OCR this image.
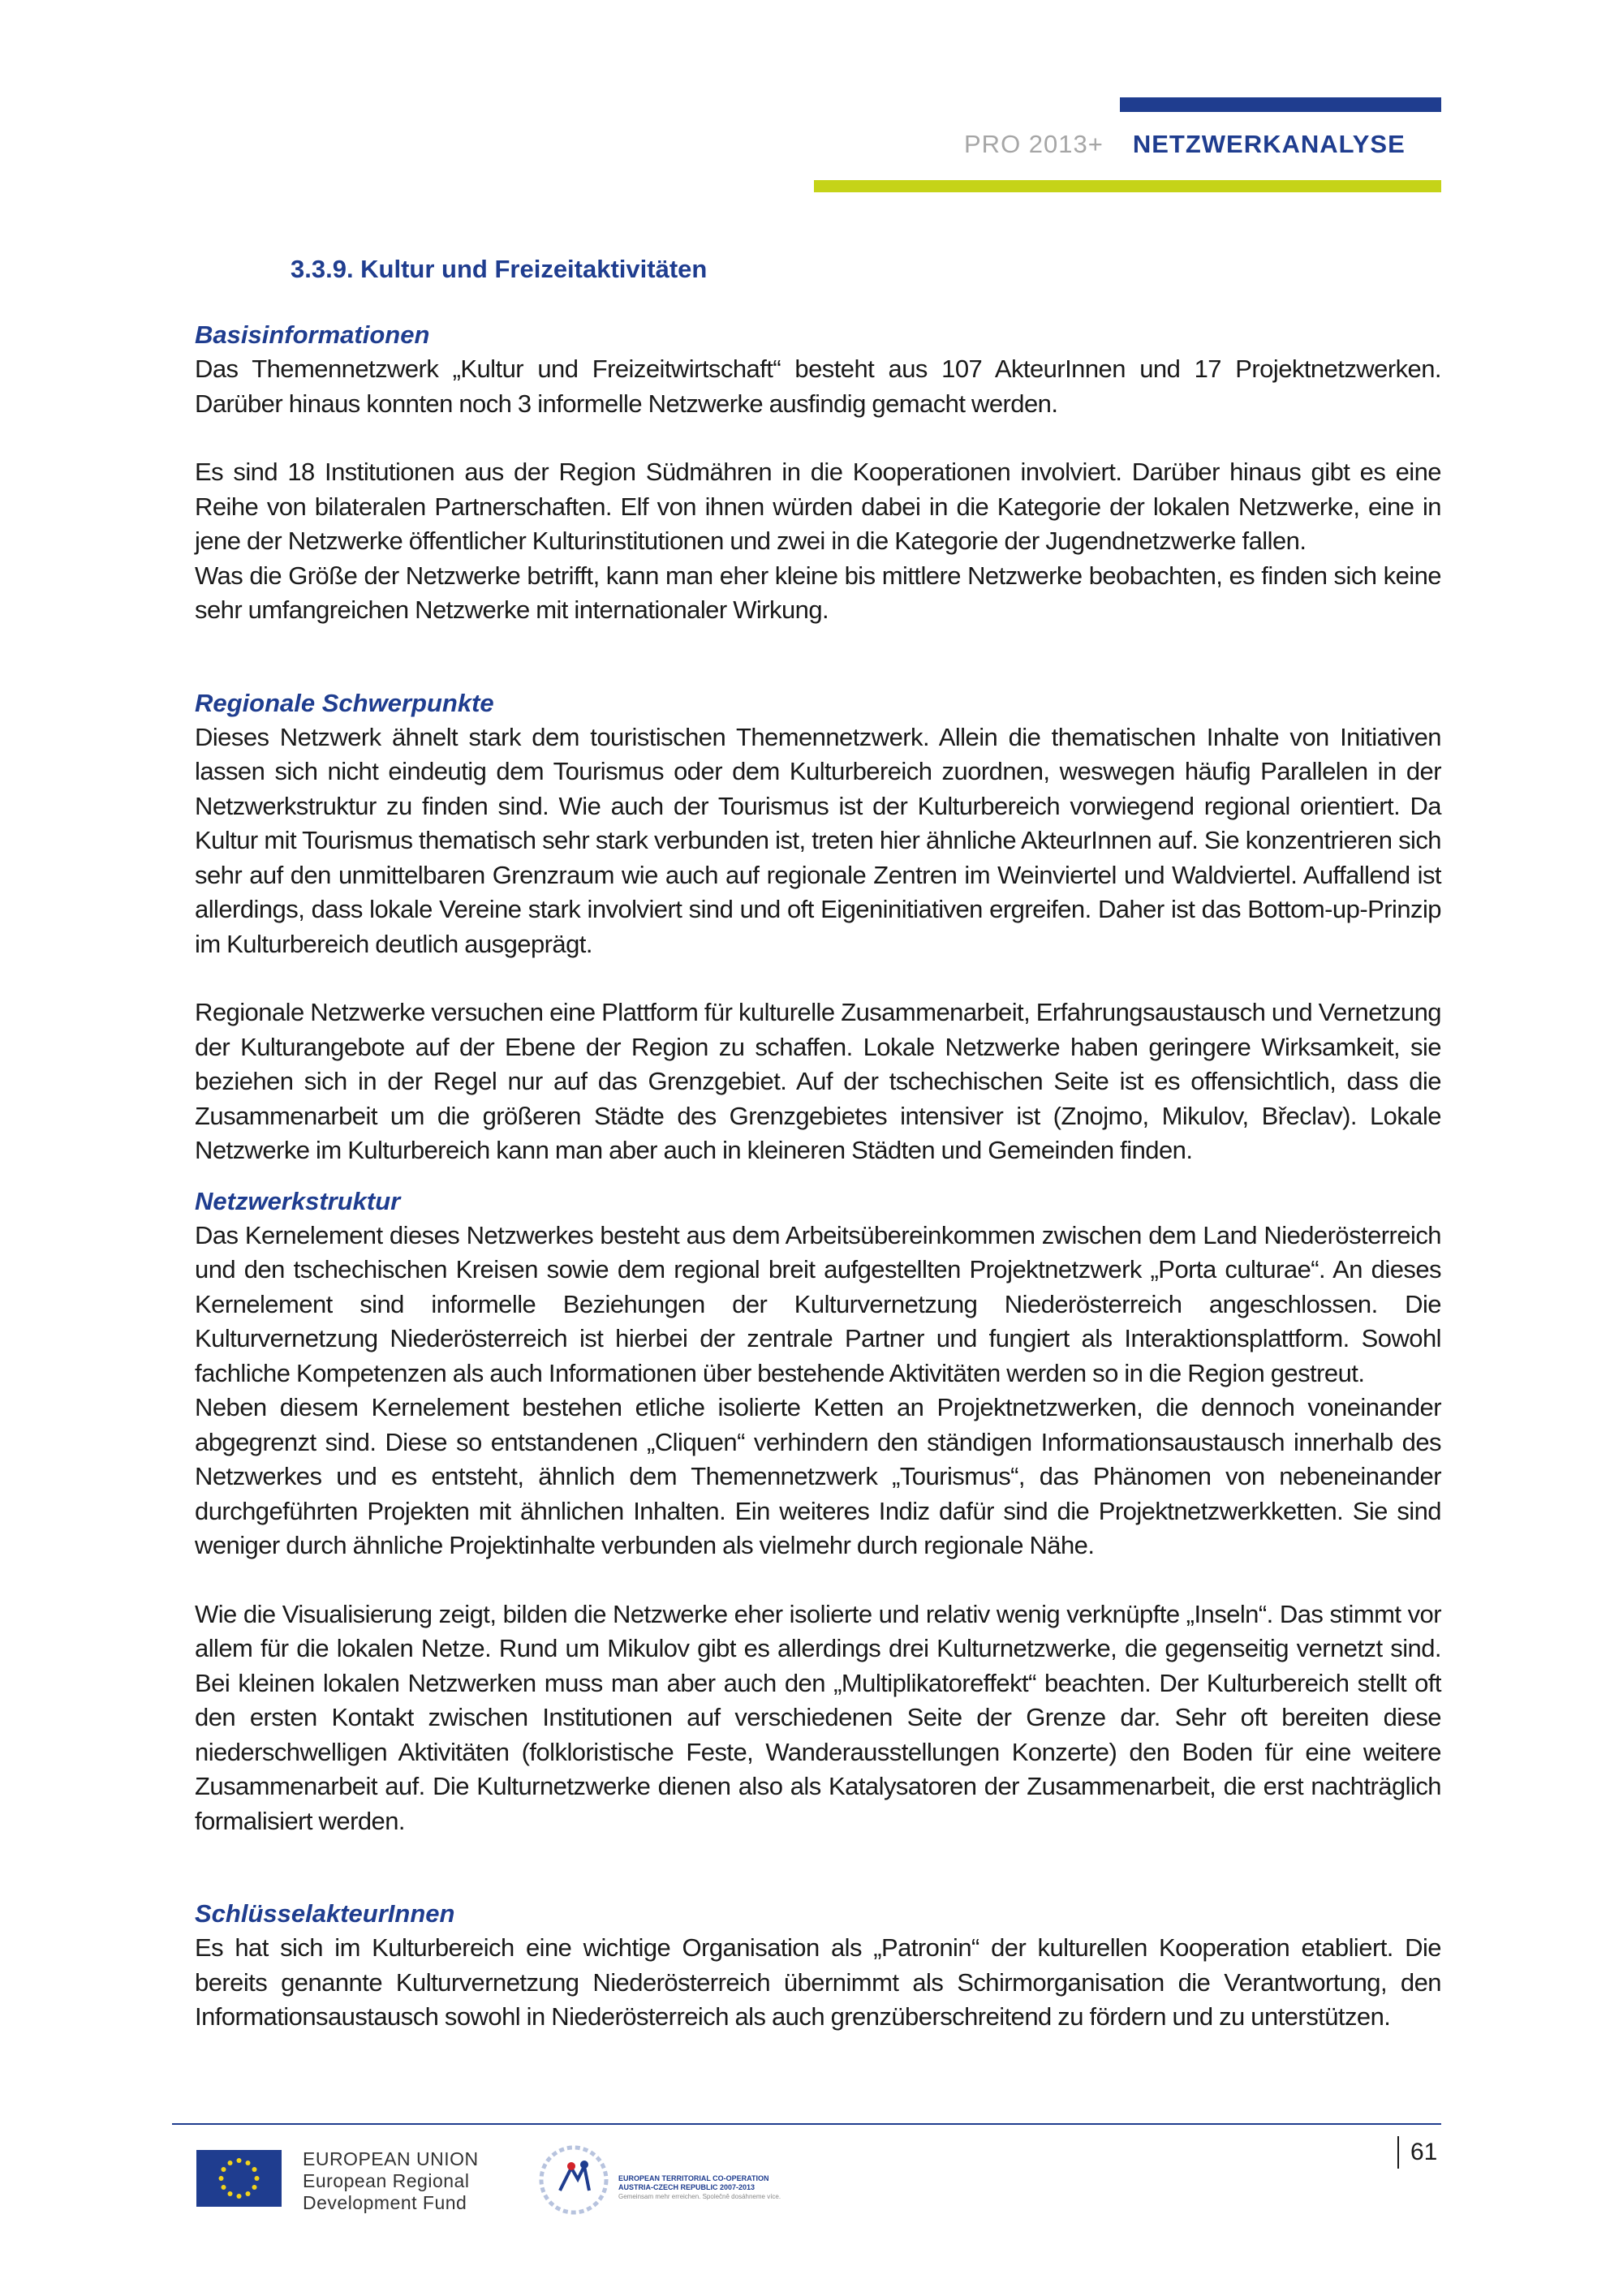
PRO 2013+ NETZWERKANALYSE
3.3.9. Kultur und Freizeitaktivitäten

Basisinformationen

Das Themennetzwerk „Kultur und Freizeitwirtschaft“ besteht aus 107 AkteurInnen und 17 Projektnetzwerken. Darüber hinaus konnten noch 3 informelle Netzwerke ausfindig gemacht werden.

Es sind 18 Institutionen aus der Region Südmähren in die Kooperationen involviert. Darüber hinaus gibt es eine Reihe von bilateralen Partnerschaften. Elf von ihnen würden dabei in die Kategorie der lokalen Netzwerke, eine in jene der Netzwerke öffentlicher Kulturinstitutionen und zwei in die Kategorie der Jugendnetzwerke fallen.

Was die Größe der Netzwerke betrifft, kann man eher kleine bis mittlere Netzwerke beobachten, es finden sich keine sehr umfangreichen Netzwerke mit internationaler Wirkung.

Regionale Schwerpunkte

Dieses Netzwerk ähnelt stark dem touristischen Themennetzwerk. Allein die thematischen Inhalte von Initiativen lassen sich nicht eindeutig dem Tourismus oder dem Kulturbereich zuordnen, weswegen häufig Parallelen in der Netzwerkstruktur zu finden sind. Wie auch der Tourismus ist der Kulturbereich vorwiegend regional orientiert. Da Kultur mit Tourismus thematisch sehr stark verbunden ist, treten hier ähnliche AkteurInnen auf. Sie konzentrieren sich sehr auf den unmittelbaren Grenzraum wie auch auf regionale Zentren im Weinviertel und Waldviertel. Auffallend ist allerdings, dass lokale Vereine stark involviert sind und oft Eigeninitiativen ergreifen. Daher ist das Bottom-up-Prinzip im Kulturbereich deutlich ausgeprägt.

Regionale Netzwerke versuchen eine Plattform für kulturelle Zusammenarbeit, Erfahrungsaustausch und Vernetzung der Kulturangebote auf der Ebene der Region zu schaffen. Lokale Netzwerke haben geringere Wirksamkeit, sie beziehen sich in der Regel nur auf das Grenzgebiet. Auf der tschechischen Seite ist es offensichtlich, dass die Zusammenarbeit um die größeren Städte des Grenzgebietes intensiver ist (Znojmo, Mikulov, Břeclav). Lokale Netzwerke im Kulturbereich kann man aber auch in kleineren Städten und Gemeinden finden.

Netzwerkstruktur

Das Kernelement dieses Netzwerkes besteht aus dem Arbeitsübereinkommen zwischen dem Land Niederösterreich und den tschechischen Kreisen sowie dem regional breit aufgestellten Projektnetzwerk „Porta culturae“. An dieses Kernelement sind informelle Beziehungen der Kulturvernetzung Niederösterreich angeschlossen. Die Kulturvernetzung Niederösterreich ist hierbei der zentrale Partner und fungiert als Interaktionsplattform. Sowohl fachliche Kompetenzen als auch Informationen über bestehende Aktivitäten werden so in die Region gestreut.

Neben diesem Kernelement bestehen etliche isolierte Ketten an Projektnetzwerken, die dennoch voneinander abgegrenzt sind. Diese so entstandenen „Cliquen“ verhindern den ständigen Informationsaustausch innerhalb des Netzwerkes und es entsteht, ähnlich dem Themennetzwerk „Tourismus“, das Phänomen von nebeneinander durchgeführten Projekten mit ähnlichen Inhalten. Ein weiteres Indiz dafür sind die Projektnetzwerkketten. Sie sind weniger durch ähnliche Projektinhalte verbunden als vielmehr durch regionale Nähe.

Wie die Visualisierung zeigt, bilden die Netzwerke eher isolierte und relativ wenig verknüpfte „Inseln“. Das stimmt vor allem für die lokalen Netze. Rund um Mikulov gibt es allerdings drei Kulturnetzwerke, die gegenseitig vernetzt sind. Bei kleinen lokalen Netzwerken muss man aber auch den „Multiplikatoreffekt“ beachten. Der Kulturbereich stellt oft den ersten Kontakt zwischen Institutionen auf verschiedenen Seite der Grenze dar. Sehr oft bereiten diese niederschwelligen Aktivitäten (folkloristische Feste, Wanderausstellungen Konzerte) den Boden für eine weitere Zusammenarbeit auf. Die Kulturnetzwerke dienen also als Katalysatoren der Zusammenarbeit, die erst nachträglich formalisiert werden.

SchlüsselakteurInnen

Es hat sich im Kulturbereich eine wichtige Organisation als „Patronin“ der kulturellen Kooperation etabliert. Die bereits genannte Kulturvernetzung Niederösterreich übernimmt als Schirmorganisation die Verantwortung, den Informationsaustausch sowohl in Niederösterreich als auch grenzüberschreitend zu fördern und zu unterstützen.

EUROPEAN UNION
European Regional
Development Fund
EUROPEAN TERRITORIAL CO-OPERATION
AUSTRIA-CZECH REPUBLIC 2007-2013
Gemeinsam mehr erreichen. Společně dosáhneme více.
61
